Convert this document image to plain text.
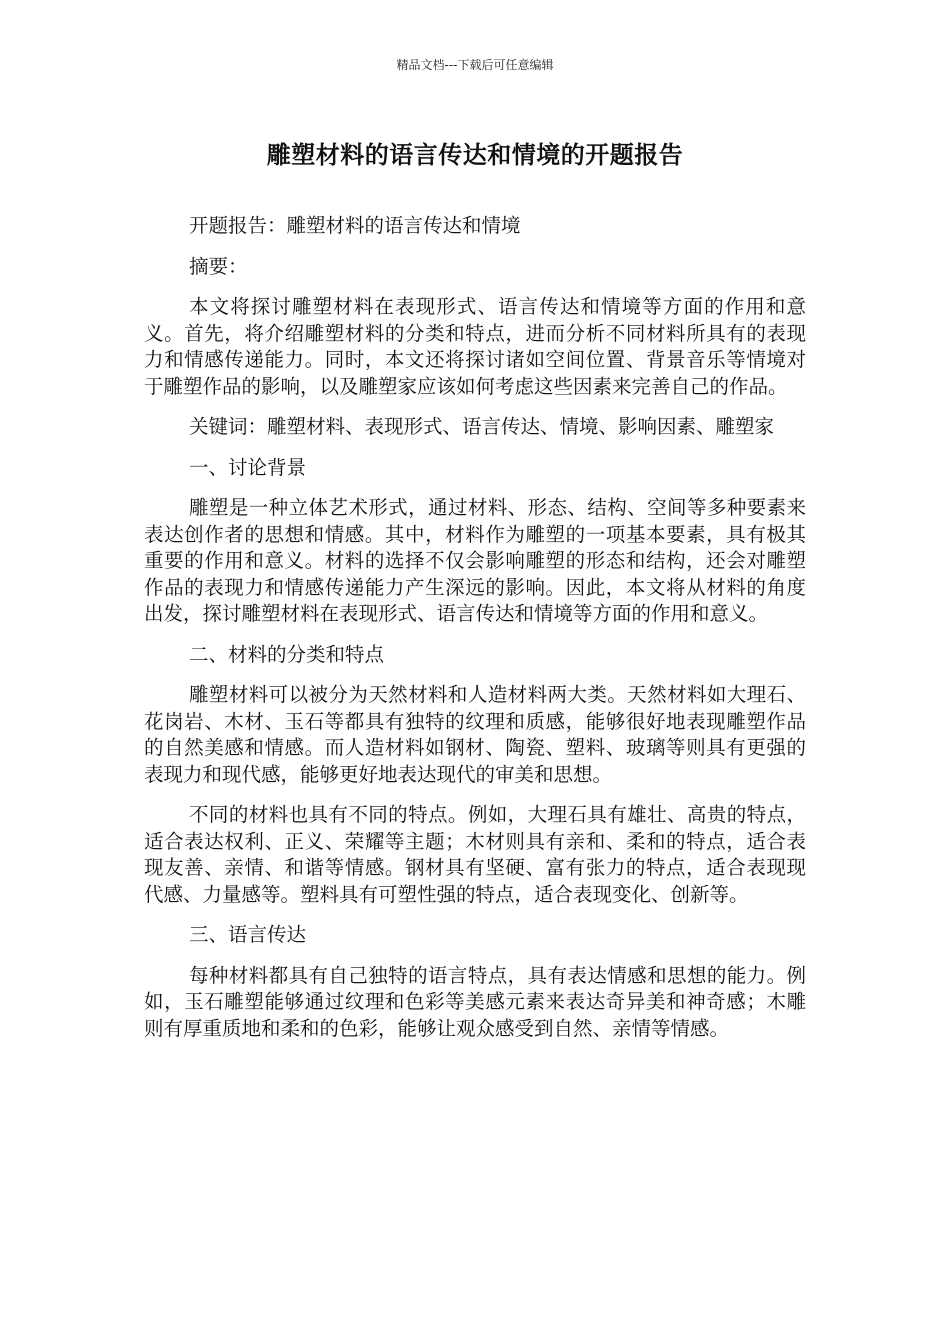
精品文档---下载后可任意编辑
雕塑材料的语言传达和情境的开题报告

开题报告：雕塑材料的语言传达和情境

摘要：

本文将探讨雕塑材料在表现形式、语言传达和情境等方面的作用和意义。首先，将介绍雕塑材料的分类和特点，进而分析不同材料所具有的表现力和情感传递能力。同时，本文还将探讨诸如空间位置、背景音乐等情境对于雕塑作品的影响，以及雕塑家应该如何考虑这些因素来完善自己的作品。

关键词：雕塑材料、表现形式、语言传达、情境、影响因素、雕塑家

一、讨论背景

雕塑是一种立体艺术形式，通过材料、形态、结构、空间等多种要素来表达创作者的思想和情感。其中，材料作为雕塑的一项基本要素，具有极其重要的作用和意义。材料的选择不仅会影响雕塑的形态和结构，还会对雕塑作品的表现力和情感传递能力产生深远的影响。因此，本文将从材料的角度出发，探讨雕塑材料在表现形式、语言传达和情境等方面的作用和意义。

二、材料的分类和特点

雕塑材料可以被分为天然材料和人造材料两大类。天然材料如大理石、花岗岩、木材、玉石等都具有独特的纹理和质感，能够很好地表现雕塑作品的自然美感和情感。而人造材料如钢材、陶瓷、塑料、玻璃等则具有更强的表现力和现代感，能够更好地表达现代的审美和思想。

不同的材料也具有不同的特点。例如，大理石具有雄壮、高贵的特点，适合表达权利、正义、荣耀等主题；木材则具有亲和、柔和的特点，适合表现友善、亲情、和谐等情感。钢材具有坚硬、富有张力的特点，适合表现现代感、力量感等。塑料具有可塑性强的特点，适合表现变化、创新等。

三、语言传达

每种材料都具有自己独特的语言特点，具有表达情感和思想的能力。例如，玉石雕塑能够通过纹理和色彩等美感元素来表达奇异美和神奇感；木雕则有厚重质地和柔和的色彩，能够让观众感受到自然、亲情等情感。
